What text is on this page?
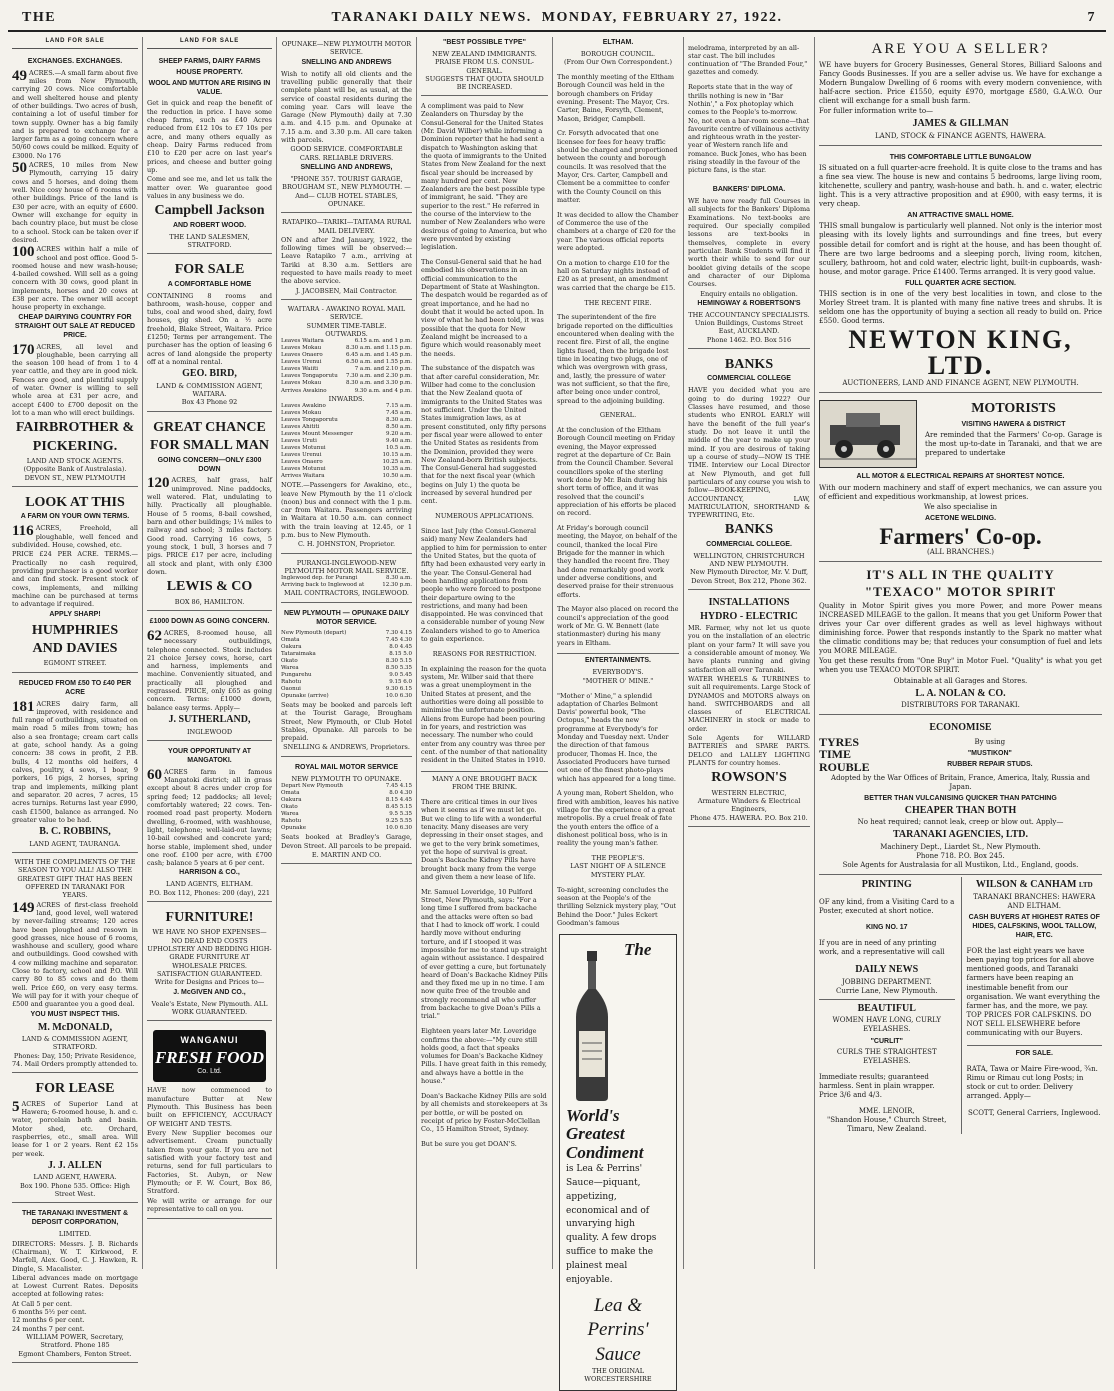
THE	TARANAKI DAILY NEWS. MONDAY, FEBRUARY 27, 1922.	7
LAND FOR SALE
EXCHANGES. EXCHANGES.

49 ACRES.—A small farm about five miles from New Plymouth, carrying 20 cows. Nice comfortable and well sheltered house and plenty of other buildings. Two acres of bush, containing a lot of useful timber for town supply. Owner has a big family and is prepared to exchange for a larger farm as a going concern where 50/60 cows could be milked. Equity of £3000. No 176

50 ACRES, 10 miles from New Plymouth, carrying 15 dairy cows and 5 horses, and doing them well. Nice cosy house of 6 rooms with other buildings. Price of the land is £30 per acre, with an equity of £600. Owner will exchange for equity in bach country place, but must be close to a school. Stock can be taken over if desired.

100 ACRES within half a mile of school and post office. Good 5-roomed house and new wash-house; 4-bailed cowshed. Will sell as a going concern with 30 cows, good plant in implements, horses and 20 cows at £38 per acre. The owner will accept house property in exchange.

CHEAP DAIRYING COUNTRY FOR STRAIGHT OUT SALE AT REDUCED PRICE.

170 ACRES, all level and ploughable, been carrying all the season 100 head of from 1 to 4 year cattle, and they are in good nick. Fences are good, and plentiful supply of water. Owner is willing to sell whole area at £31 per acre, and accept £400 to £700 deposit on the lot to a man who will erect buildings.

FAIRBROTHER &
PICKERING.
LAND AND STOCK AGENTS. (Opposite Bank of Australasia). DEVON ST., NEW PLYMOUTH
LOOK AT THIS
A FARM ON YOUR OWN TERMS.

116 ACRES, Freehold, all ploughable, well fenced and subdivided. House, cowshed, etc.

PRICE £24 PER ACRE. TERMS.—Practically no cash required, providing purchaser is a good worker and can find stock. Present stock of cows, implements, and milking machine can be purchased at terms to advantage if required.

APPLY SHARP!
HUMPHRIES
AND DAVIES
EGMONT STREET.
REDUCED FROM £50 TO £40 PER ACRE

181 ACRES dairy farm, all improved, with residence and full range of outbuildings, situated on main road 5 miles from town; has also a sea frontage; cream cart calls at gate, school handy. As a going concern: 38 cows in profit, 2 P.B. bulls, 4 12 months old heifers, 4 calves, poultry, 4 sows, 1 boar, 9 porkers, 16 pigs, 2 horses, spring trap and implements, milking plant and separator. 20 acres, 7 acres, 15 acres turnips. Returns last year £990, cash £1500, balance as arranged. No greater value to be had.

B. C. ROBBINS,
LAND AGENT, TAURANGA.
WITH THE COMPLIMENTS OF THE SEASON TO YOU ALL! ALSO THE GREATEST GIFT THAT HAS BEEN OFFERED IN TARANAKI FOR YEARS.

149 ACRES of first-class freehold land, good level, well watered by never-failing streams; 120 acres have been ploughed and resown in good grasses, nice house of 6 rooms, washhouse and scullery, good whare and outbuildings. Good cowshed with 4 cow milking machine and separator. Close to factory, school and P.O. Will carry 80 to 85 cows and do them well. Price £60, on very easy terms. We will pay for it with your cheque of £500 and guarantee you a good deal.

YOU MUST INSPECT THIS.
M. McDONALD,
LAND & COMMISSION AGENT, STRATFORD.
Phones: Day, 150; Private Residence, 74. Mail Orders promptly attended to.
FOR LEASE

5 ACRES of Superior Land at Hawera; 6-roomed house, h. and c. water, porcelain bath and basin. Motor shed, etc. Orchard, raspberries, etc., small area. Will lease for 1 or 2 years. Rent £2 15s per week.

J. J. ALLEN
LAND AGENT, HAWERA.
Box 190. Phone 535. Office: High Street West.
THE TARANAKI INVESTMENT & DEPOSIT CORPORATION,
LIMITED.

DIRECTORS: Messrs. J. B. Richards (Chairman), W. T. Kirkwood, F. Marfell, Alex. Good, C. J. Hawken, R. Dingle, S. Macalister.

Liberal advances made on mortgage at Lowest Current Rates. Deposits accepted at following rates:

At Call 5 per cent.
6 months 5½ per cent.
12 months 6 per cent.
24 months 7 per cent.
WILLIAM POWER, Secretary, Stratford. Phone 185
Egmont Chambers, Fenton Street.
LAND FOR SALE
SHEEP FARMS, DAIRY FARMS
HOUSE PROPERTY.
WOOL AND MUTTON ARE RISING IN VALUE.

Get in quick and reap the benefit of the reduction in price. I have some cheap farms, such as £40 Acres reduced from £12 10s to £7 10s per acre, and many others equally as cheap. Dairy Farms reduced from £10 to £20 per acre on last year's prices, and cheese and butter going up.

Come and see me, and let us talk the matter over. We guarantee good values in any business we do.

Campbell Jackson
AND ROBERT WOOD.
THE LAND SALESMEN, STRATFORD.
FOR SALE
A COMFORTABLE HOME

CONTAINING 8 rooms and bathroom, wash-house, copper and tubs, coal and wood shed, dairy, fowl houses, gig shed. On a ½ acre freehold, Blake Street, Waitara. Price £1250; Terms per arrangement. The purchaser has the option of leasing 6 acres of land alongside the property off at a nominal rental.

GEO. BIRD,
LAND & COMMISSION AGENT, WAITARA.
Box 43 Phone 92
GREAT CHANCE
FOR SMALL MAN
GOING CONCERN—ONLY £300 DOWN

120 ACRES, half grass, half unimproved. Nine paddocks, well watered. Flat, undulating to hilly. Practically all ploughable. House of 5 rooms, 8-bail cowshed, barn and other buildings; 1¼ miles to railway and school; 3 miles factory. Good road. Carrying 16 cows, 5 young stock, 1 bull, 3 horses and 7 pigs. PRICE £17 per acre, including all stock and plant, with only £300 down.

LEWIS & CO
BOX 86, HAMILTON.
£1000 DOWN AS GOING CONCERN.

62 ACRES, 8-roomed house, all necessary outbuildings, telephone connected. Stock includes 21 choice Jersey cows, horse, cart and harness, implements and machine. Conveniently situated, and practically all ploughed and regrassed. PRICE, only £65 as going concern. Terms: £1000 down, balance easy terms. Apply—

J. SUTHERLAND,
INGLEWOOD
YOUR OPPORTUNITY AT MANGATOKI.

60 ACRES farm in famous Mangatoki district; all in grass except about 8 acres under crop for spring feed; 12 paddocks; all level; comfortably watered; 22 cows. Ten-roomed road past property. Modern dwelling, 6-roomed, with washhouse, light, telephone; well-laid-out lawns; 10-bail cowshed and concrete yard; horse stable, implement shed, under one roof. £100 per acre, with £700 cash; balance 5 years at 6 per cent.

HARRISON & CO.,
LAND AGENTS, ELTHAM.
P.O. Box 112, Phones: 200 (day), 221
FURNITURE!
WE HAVE NO SHOP EXPENSES—NO DEAD END COSTS
UPHOLSTERY AND BEDDING HIGH-GRADE FURNITURE AT WHOLESALE PRICES. SATISFACTION GUARANTEED. Write for Designs and Prices to—
J. McGIVEN AND CO.,
Veale's Estate, New Plymouth. ALL WORK GUARANTEED.
WANGANUI
FRESH FOOD
Co. Ltd.

HAVE now commenced to manufacture Butter at New Plymouth. This Business has been built on EFFICIENCY, ACCURACY OF WEIGHT AND TESTS.

Every New Supplier becomes our advertisement. Cream punctually taken from your gate. If you are not satisfied with your factory test and returns, send for full particulars to Factories, St. Aubyn, or New Plymouth; or F. W. Court, Box 86, Stratford.

We will write or arrange for our representative to call on you.

OPUNAKE—NEW PLYMOUTH MOTOR SERVICE.
SNELLING AND ANDREWS

Wish to notify all old clients and the travelling public generally that their complete plant will be, as usual, at the service of coastal residents during the coming year. Cars will leave the Garage (New Plymouth) daily at 7.30 a.m. and 4.15 p.m. and Opunake at 7.15 a.m. and 3.30 p.m. All care taken with parcels.

GOOD SERVICE. COMFORTABLE CARS. RELIABLE DRIVERS.
SNELLING AND ANDREWS,
"PHONE 357. TOURIST GARAGE, BROUGHAM ST., NEW PLYMOUTH. —And— CLUB HOTEL STABLES, OPUNAKE.
RATAPIKO—TARIKI—TAITAMA RURAL MAIL DELIVERY.

ON and after 2nd January, 1922, the following times will be observed:— Leave Ratapiko 7 a.m., arriving at Tariki at 8.30 a.m. Settlers are requested to have mails ready to meet the above service.

J. JACOBSEN, Mail Contractor.
WAITARA - AWAKINO ROYAL MAIL SERVICE.
SUMMER TIME-TABLE.
OUTWARDS.
Leaves Waitara	6.15 a.m. and 1 p.m.
Leaves Mokau	8.30 a.m. and 1.15 p.m.
Leaves Onaero	6.45 a.m. and 1.45 p.m.
Leaves Urenui	6.50 a.m. and 1.55 p.m.
Leaves Waiiti	7 a.m. and 2.10 p.m.
Leaves Tongaporutu 7.30 a.m. and 2.30 p.m.
Leaves Mokau	8.30 a.m. and 3.30 p.m.
Arrives Awakino	9.30 a.m. and 4 p.m.
INWARDS.
Leaves Awakino	7.15 a.m.
Leaves Mokau	7.45 a.m.
Leaves Tongaporutu	8.30 a.m.
Leaves Ahititi	8.50 a.m.
Leaves Mount Messenger	9.20 a.m.
Leaves Uruti	9.40 a.m.
Leaves Motunui	10.5 a.m.
Leaves Urenui	10.15 a.m.
Leaves Onaero	10.25 a.m.
Leaves Motunui	10.35 a.m.
Arrives Waitara	10.50 a.m.

NOTE.—Passengers for Awakino, etc., leave New Plymouth by the 11 o'clock (noon) bus and connect with the 1 p.m. car from Waitara. Passengers arriving in Waitara at 10.50 a.m. can connect with the train leaving at 12.45, or 1 p.m. bus to New Plymouth.

C. H. JOHNSTON, Proprietor.
PURANGI-INGLEWOOD-NEW PLYMOUTH MOTOR MAIL SERVICE.
Inglewood dep. for Purangi	8.30 a.m.
Arriving back to Inglewood at	12.30 p.m.
MAIL CONTRACTORS, INGLEWOOD.
NEW PLYMOUTH — OPUNAKE DAILY MOTOR SERVICE.
New Plymouth (depart)	7.30 4.15
Omata	7.45 4.30
Oakura	8.0 4.45
Tataraimaka	8.15 5.0
Okato	8.30 5.15
Warea	8.50 5.35
Pungarehu	9.0 5.45
Rahotu	9.15 6.0
Oaonui	9.30 6.15
Opunake (arrive)	10.0 6.30

Seats may be booked and parcels left at the Tourist Garage, Brougham Street, New Plymouth, or Club Hotel Stables, Opunake. All parcels to be prepaid.

SNELLING & ANDREWS, Proprietors.
ROYAL MAIL MOTOR SERVICE
NEW PLYMOUTH TO OPUNAKE.
Depart New Plymouth	7.45 4.15
Omata	8.0 4.30
Oakura	8.15 4.45
Okato	8.45 5.15
Warea	9.5 5.35
Rahotu	9.25 5.55
Opunake	10.0 6.30

Seats booked at Bradley's Garage, Devon Street. All parcels to be prepaid.

E. MARTIN AND CO.
"BEST POSSIBLE TYPE"
NEW ZEALAND IMMIGRANTS.
PRAISE FROM U.S. CONSUL-GENERAL.
SUGGESTS THAT QUOTA SHOULD BE INCREASED.

A compliment was paid to New Zealanders on Thursday by the Consul-General for the United States (Mr. David Wilber) while informing a Dominion reporter that he had sent a dispatch to Washington asking that the quota of immigrants to the United States from New Zealand for the next fiscal year should be increased by many hundred per cent. New Zealanders are the best possible type of immigrant, he said. "They are superior to the rest." He referred in the course of the interview to the number of New Zealanders who were desirous of going to America, but who were prevented by existing legislation.

The Consul-General said that he had embodied his observations in an official communication to the Department of State at Washington. The despatch would be regarded as of great importance, and he had no doubt that it would be acted upon. In view of what he had been told, it was possible that the quota for New Zealand might be increased to a figure which would reasonably meet the needs.

The substance of the dispatch was that after careful consideration, Mr. Wilber had come to the conclusion that the New Zealand quota of immigrants to the United States was not sufficient. Under the United States immigration laws, as at present constituted, only fifty persons per fiscal year were allowed to enter the United States as residents from the Dominion, provided they were New Zealand-born British subjects. The Consul-General had suggested that for the next fiscal year (which begins on July 1) the quota be increased by several hundred per cent.

NUMEROUS APPLICATIONS.

Since last July (the Consul-General said) many New Zealanders had applied to him for permission to enter the United States, but the quota of fifty had been exhausted very early in the year. The Consul-General had been handling applications from people who were forced to postpone their departure owing to the restrictions, and many had been disappointed. He was convinced that a considerable number of young New Zealanders wished to go to America to gain experience.

REASONS FOR RESTRICTION.

In explaining the reason for the quota system, Mr. Wilber said that there was a great unemployment in the United States at present, and the authorities were doing all possible to minimise the unfortunate position. Aliens from Europe had been pouring in for years, and restriction was necessary. The number who could enter from any country was three per cent. of the number of that nationality resident in the United States in 1910.

MANY A ONE BROUGHT BACK FROM THE BRINK.

There are critical times in our lives when it seems as if we must let go. But we cling to life with a wonderful tenacity. Many diseases are very depressing in their onset stages, and we get to the very brink sometimes, yet the hope of survival is great. Doan's Backache Kidney Pills have brought back many from the verge and given them a new lease of life.

Mr. Samuel Loveridge, 10 Pulford Street, New Plymouth, says: "For a long time I suffered from backache and the attacks were often so bad that I had to knock off work. I could hardly move without enduring torture, and if I stooped it was impossible for me to stand up straight again without assistance. I despaired of ever getting a cure, but fortunately heard of Doan's Backache Kidney Pills and they fixed me up in no time. I am now quite free of the trouble and strongly recommend all who suffer from backache to give Doan's Pills a trial."

Eighteen years later Mr. Loveridge confirms the above:—"My cure still holds good, a fact that speaks volumes for Doan's Backache Kidney Pills. I have great faith in this remedy, and always have a bottle in the house."

Doan's Backache Kidney Pills are sold by all chemists and storekeepers at 3s per bottle, or will be posted on receipt of price by Foster-McClellan Co., 15 Hamilton Street, Sydney.

But be sure you get DOAN'S.

ELTHAM.
BOROUGH COUNCIL.
(From Our Own Correspondent.)

The monthly meeting of the Eltham Borough Council was held in the borough chambers on Friday evening. Present: The Mayor, Crs. Carter, Baine, Forsyth, Clement, Mason, Bridger, Campbell.

Cr. Forsyth advocated that one licensee for fees for heavy traffic should be charged and proportioned between the county and borough councils. It was resolved that the Mayor, Crs. Carter, Campbell and Clement be a committee to confer with the County Council on this matter.

It was decided to allow the Chamber of Commerce the use of the chambers at a charge of £20 for the year. The various official reports were adopted.

On a motion to charge £10 for the hall on Saturday nights instead of £20 as at present, an amendment was carried that the charge be £15.

THE RECENT FIRE.

The superintendent of the fire brigade reported on the difficulties encountered when dealing with the recent fire. First of all, the engine lights fused, then the brigade lost time in locating two plugs, one of which was overgrown with grass, and, lastly, the pressure of water was not sufficient, so that the fire, after being once under control, spread to the adjoining building.

GENERAL.

At the conclusion of the Eltham Borough Council meeting on Friday evening, the Mayor expressed regret at the departure of Cr. Bain from the Council Chamber. Several councillors spoke of the sterling work done by Mr. Bain during his short term of office, and it was resolved that the council's appreciation of his efforts be placed on record.

At Friday's borough council meeting, the Mayor, on behalf of the council, thanked the local Fire Brigade for the manner in which they handled the recent fire. They had done remarkably good work under adverse conditions, and deserved praise for their strenuous efforts.

The Mayor also placed on record the council's appreciation of the good work of Mr. G. W. Bennett (late stationmaster) during his many years in Eltham.

ENTERTAINMENTS.
EVERYBODY'S.
"MOTHER O' MINE."

"Mother o' Mine," a splendid adaptation of Charles Belmont Davis' powerful book, "The Octopus," heads the new programme at Everybody's for Monday and Tuesday next. Under the direction of that famous producer, Thomas H. Ince, the Associated Producers have turned out one of the finest photo-plays which has appeared for a long time.

A young man, Robert Sheldon, who fired with ambition, leaves his native village for the experience of a great metropolis. By a cruel freak of fate the youth enters the office of a dishonest political boss, who is in reality the young man's father.

THE PEOPLE'S.
LAST NIGHT OF A SILENCE MYSTERY PLAY.

To-night, screening concludes the season at the People's of the thrilling Selznick mystery play, "Out Behind the Door." Jules Eckert Goodman's famous

The World's Greatest Condiment
is Lea & Perrins' Sauce—piquant, appetizing, economical and of unvarying high quality. A few drops suffice to make the plainest meal enjoyable.
Lea & Perrins' Sauce
THE ORIGINAL WORCESTERSHIRE

melodrama, interpreted by an all-star cast. The bill includes continuation of "The Branded Four," gazettes and comedy.

Reports state that in the way of thrills nothing is new in "Bar Nothin'," a Fox photoplay which comes to the People's to-morrow. No, not even a bar-room scene—that favourite centre of villainous activity and righteous wrath in the yester-year of Western ranch life and romance. Buck Jones, who has been rising steadily in the favour of the picture fans, is the star.

BANKERS' DIPLOMA.

WE have now ready full Courses in all subjects for the Bankers' Diploma Examinations. No text-books are required. Our specially compiled lessons are text-books in themselves, complete in every particular. Bank Students will find it worth their while to send for our booklet giving details of the scope and character of our Diploma Courses.

Enquiry entails no obligation.
HEMINGWAY & ROBERTSON'S
THE ACCOUNTANCY SPECIALISTS.
Union Buildings, Customs Street East, AUCKLAND.
Phone 1462. P.O. Box 516
BANKS
COMMERCIAL COLLEGE

HAVE you decided what you are going to do during 1922? Our Classes have resumed, and those students who ENROL EARLY will have the benefit of the full year's study. Do not leave it until the middle of the year to make up your mind. If you are desirous of taking up a course of study—NOW IS THE TIME. Interview our Local Director at New Plymouth, and get full particulars of any course you wish to follow—BOOK-KEEPING, ACCOUNTANCY, LAW, MATRICULATION, SHORTHAND & TYPEWRITING, Etc.

BANKS
COMMERCIAL COLLEGE.
WELLINGTON, CHRISTCHURCH AND NEW PLYMOUTH.
New Plymouth Director, Mr. V. Duff, Devon Street, Box 212, Phone 362.
INSTALLATIONS
HYDRO - ELECTRIC

MR. Farmer, why not let us quote you on the installation of an electric plant on your farm? It will save you a considerable amount of money. We have plants running and giving satisfaction all over Taranaki.

WATER WHEELS & TURBINES to suit all requirements. Large Stock of DYNAMOS and MOTORS always on hand. SWITCHBOARDS and all classes of ELECTRICAL MACHINERY in stock or made to order.

Sole Agents for WILLARD BATTERIES and SPARE PARTS. DELCO and LALLEY LIGHTING PLANTS for country homes.

ROWSON'S
WESTERN ELECTRIC,
Armature Winders & Electrical Engineers,
Phone 475. HAWERA. P.O. Box 210.
ARE YOU A SELLER?

WE have buyers for Grocery Businesses, General Stores, Billiard Saloons and Fancy Goods Businesses. If you are a seller advise us. We have for exchange a Modern Bungalow Dwelling of 6 rooms with every modern convenience, with half-acre section. Price £1550, equity £970, mortgage £580, G.A.W.O. Our client will exchange for a small bush farm.

For fuller information write to—

JAMES & GILLMAN
LAND, STOCK & FINANCE AGENTS, HAWERA.
THIS COMFORTABLE LITTLE BUNGALOW

IS situated on a full quarter-acre freehold. It is quite close to the trams and has a fine sea view. The house is new and contains 5 bedrooms, large living room, kitchenette, scullery and pantry, wash-house and bath. h. and c. water, electric light. This is a very attractive proposition and at £900, with easy terms, it is very cheap.

AN ATTRACTIVE SMALL HOME.

THIS small bungalow is particularly well planned. Not only is the interior most pleasing with its lovely lights and surroundings and fine trees, but every possible detail for comfort and is right at the house, and has been thought of. There are two large bedrooms and a sleeping porch, living room, kitchen, scullery, bathroom, hot and cold water, electric light, built-in cupboards, wash-house, and motor garage. Price £1400. Terms arranged. It is very good value.

FULL QUARTER ACRE SECTION.

THIS section is in one of the very best localities in town, and close to the Morley Street tram. It is planted with many fine native trees and shrubs. It is seldom one has the opportunity of buying a section all ready to build on. Price £550. Good terms.

NEWTON KING, LTD.
AUCTIONEERS, LAND AND FINANCE AGENT, NEW PLYMOUTH.
MOTORISTS
VISITING HAWERA & DISTRICT

Are reminded that the Farmers' Co-op. Garage is the most up-to-date in Taranaki, and that we are prepared to undertake

ALL MOTOR & ELECTRICAL REPAIRS AT SHORTEST NOTICE.

With our modern machinery and staff of expert mechanics, we can assure you of efficient and expeditious workmanship, at lowest prices.

We also specialise in
ACETONE WELDING.
Farmers' Co-op.
(ALL BRANCHES.)
IT'S ALL IN THE QUALITY
"TEXACO" MOTOR SPIRIT

Quality in Motor Spirit gives you more Power, and more Power means INCREASED MILEAGE to the gallon. It means that you get Uniform Power that drives your Car over different grades as well as level highways without diminishing force. Power that responds instantly to the Spark no matter what the climatic conditions may be; that reduces your consumption of fuel and lets you MORE MILEAGE.

You get these results from "One Buy" in Motor Fuel. "Quality" is what you get when you use TEXACO MOTOR SPIRIT.

Obtainable at all Garages and Stores.
L. A. NOLAN & CO.
DISTRIBUTORS FOR TARANAKI.
ECONOMISE
TYRES
TIME
ROUBLE
By using
"MUSTIKON"
RUBBER REPAIR STUDS.
Adopted by the War Offices of Britain, France, America, Italy, Russia and Japan.
BETTER THAN VULCANISING QUICKER THAN PATCHING
CHEAPER THAN BOTH
No heat required; cannot leak, creep or blow out. Apply—
TARANAKI AGENCIES, LTD.
Machinery Dept., Liardet St., New Plymouth.
Phone 718. P.O. Box 245.
Sole Agents for Australasia for all Mustikon, Ltd., England, goods.
PRINTING

OF any kind, from a Visiting Card to a Poster, executed at short notice.

KING NO. 17

If you are in need of any printing work, and a representative will call

DAILY NEWS
JOBBING DEPARTMENT.
Currie Lane, New Plymouth.
BEAUTIFUL
WOMEN HAVE LONG, CURLY EYELASHES.
"CURLIT"
CURLS THE STRAIGHTEST EYELASHES.

Immediate results; guaranteed harmless. Sent in plain wrapper. Price 3/6 and 4/3.

MME. LENOIR,
"Shandon House," Church Street, Timaru, New Zealand.
WILSON & CANHAM LTD
TARANAKI BRANCHES: HAWERA AND ELTHAM.
CASH BUYERS AT HIGHEST RATES OF HIDES, CALFSKINS, WOOL TALLOW, HAIR, ETC.

FOR the last eight years we have been paying top prices for all above mentioned goods, and Taranaki farmers have been reaping an inestimable benefit from our organisation. We want everything the farmer has, and the more, we pay. TOP PRICES FOR CALFSKINS. DO NOT SELL ELSEWHERE before communicating with our Buyers.

FOR SALE.

RATA, Tawa or Maire Fire-wood, ¾n. Rimu or Rimau cut long Posts; in stock or cut to order. Delivery arranged. Apply—

SCOTT, General Carriers, Inglewood.
